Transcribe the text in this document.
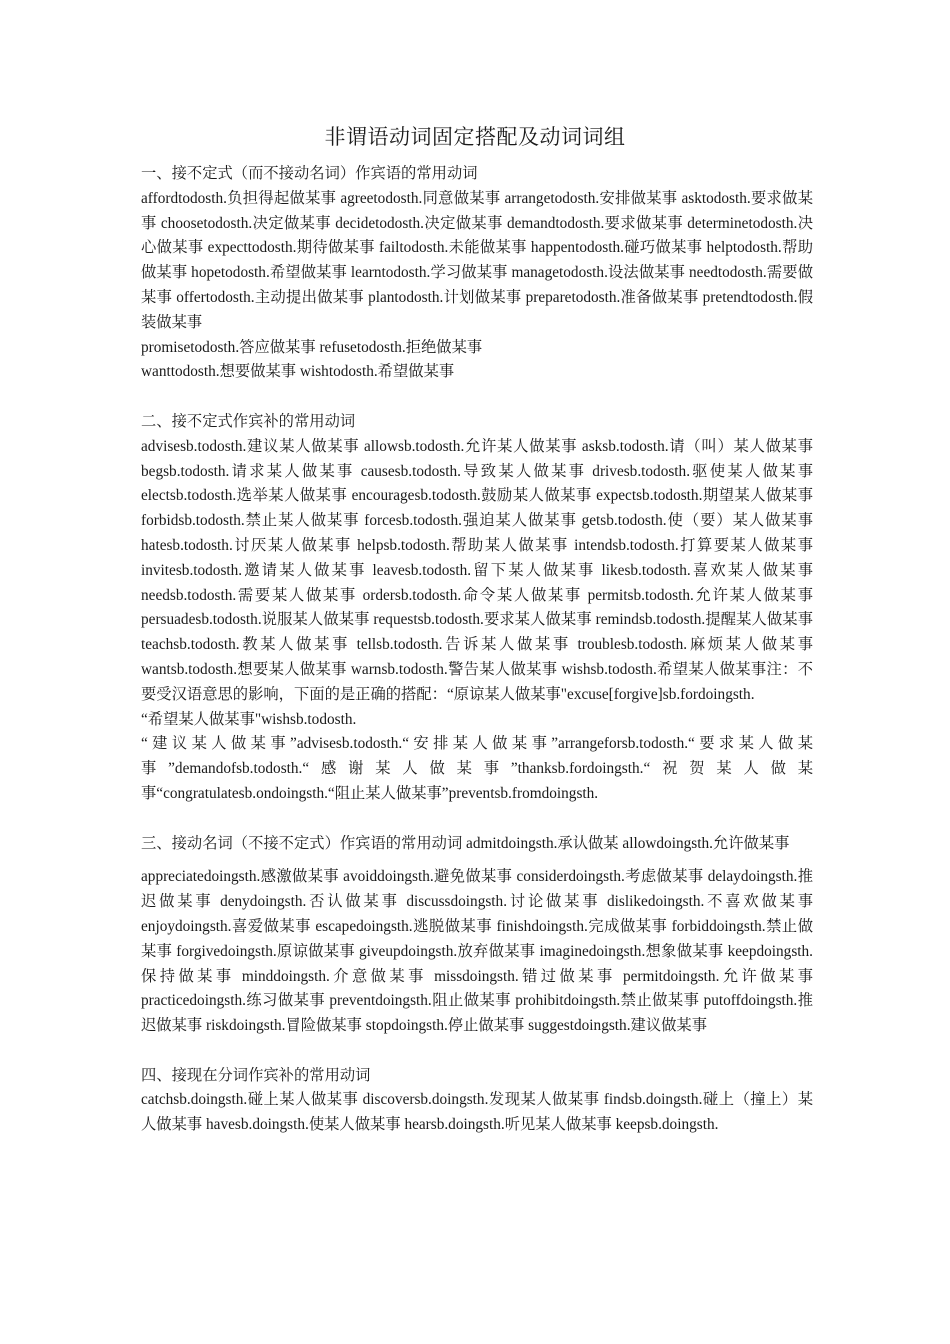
非谓语动词固定搭配及动词词组

一、接不定式（而不接动名词）作宾语的常用动词

affordtodosth.负担得起做某事 agreetodosth.同意做某事 arrangetodosth.安排做某事 asktodosth.要求做某事 choosetodosth.决定做某事 decidetodosth.决定做某事 demandtodosth.要求做某事 determinetodosth.决心做某事 expecttodosth.期待做某事 failtodosth.未能做某事 happentodosth.碰巧做某事 helptodosth.帮助做某事 hopetodosth.希望做某事 learntodosth.学习做某事 managetodosth.设法做某事 needtodosth.需要做某事 offertodosth.主动提出做某事 plantodosth.计划做某事 preparetodosth.准备做某事 pretendtodosth.假装做某事

promisetodosth.答应做某事 refusetodosth.拒绝做某事

wanttodosth.想要做某事 wishtodosth.希望做某事

二、接不定式作宾补的常用动词

advisesb.todosth.建议某人做某事 allowsb.todosth.允许某人做某事 asksb.todosth.请（叫）某人做某事 begsb.todosth.请求某人做某事 causesb.todosth.导致某人做某事 drivesb.todosth.驱使某人做某事 electsb.todosth.选举某人做某事 encouragesb.todosth.鼓励某人做某事 expectsb.todosth.期望某人做某事 forbidsb.todosth.禁止某人做某事 forcesb.todosth.强迫某人做某事 getsb.todosth.使（要）某人做某事 hatesb.todosth.讨厌某人做某事 helpsb.todosth.帮助某人做某事 intendsb.todosth.打算要某人做某事 invitesb.todosth.邀请某人做某事 leavesb.todosth.留下某人做某事 likesb.todosth.喜欢某人做某事 needsb.todosth.需要某人做某事 ordersb.todosth.命令某人做某事 permitsb.todosth.允许某人做某事 persuadesb.todosth.说服某人做某事 requestsb.todosth.要求某人做某事 remindsb.todosth.提醒某人做某事 teachsb.todosth.教某人做某事 tellsb.todosth.告诉某人做某事 troublesb.todosth.麻烦某人做某事 wantsb.todosth.想要某人做某事 warnsb.todosth.警告某人做某事 wishsb.todosth.希望某人做某事注：不要受汉语意思的影响，下面的是正确的搭配：“原谅某人做某事"excuse[forgive]sb.fordoingsth.

“希望某人做某事"wishsb.todosth.

“建议某人做某事”advisesb.todosth.“安排某人做某事”arrangeforsb.todosth.“要求某人做某事”demandofsb.todosth.“感谢某人做某事”thanksb.fordoingsth.“祝贺某人做某事“congratulatesb.ondoingsth.“阻止某人做某事”preventsb.fromdoingsth.

三、接动名词（不接不定式）作宾语的常用动词 admitdoingsth.承认做某 allowdoingsth.允许做某事

appreciatedoingsth.感激做某事 avoiddoingsth.避免做某事 considerdoingsth.考虑做某事 delaydoingsth.推迟做某事 denydoingsth.否认做某事 discussdoingsth.讨论做某事 dislikedoingsth.不喜欢做某事 enjoydoingsth.喜爱做某事 escapedoingsth.逃脱做某事 finishdoingsth.完成做某事 forbiddoingsth.禁止做某事 forgivedoingsth.原谅做某事 giveupdoingsth.放弃做某事 imaginedoingsth.想象做某事 keepdoingsth.保持做某事 minddoingsth.介意做某事 missdoingsth.错过做某事 permitdoingsth.允许做某事 practicedoingsth.练习做某事 preventdoingsth.阻止做某事 prohibitdoingsth.禁止做某事 putoffdoingsth.推迟做某事 riskdoingsth.冒险做某事 stopdoingsth.停止做某事 suggestdoingsth.建议做某事

四、接现在分词作宾补的常用动词

catchsb.doingsth.碰上某人做某事 discoversb.doingsth.发现某人做某事 findsb.doingsth.碰上（撞上）某人做某事 havesb.doingsth.使某人做某事 hearsb.doingsth.听见某人做某事 keepsb.doingsth.
